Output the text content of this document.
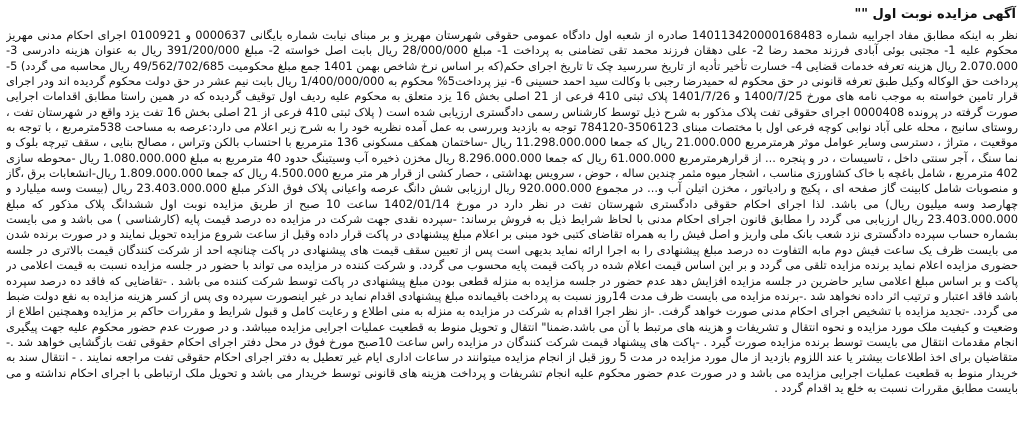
آگهی مزایده نوبت اول ""

نظر به اینکه مطابق مفاد اجراییه شماره 140113420000168483 صادره از شعبه اول دادگاه عمومی حقوقی شهرستان مهریز و بر مبنای نیابت شماره بایگانی 0000637 و 0100921 اجرای احکام مدنی مهریز محکوم علیه 1- مجتبی بوئی آبادی فرزند محمد رضا 2- علی دهقان فرزند محمد تقی تضامنی به پرداخت 1- مبلغ 28/000/000 ریال بابت اصل خواسته 2- مبلغ 391/200/000 ریال به عنوان هزینه دادرسی 3- 2.070.000 ریال هزینه تعرفه خدمات قضایی 4- خسارت تأخیر تأدیه از تاریخ سررسید چک تا تاریخ اجرای حکم(که بر اساس نرخ شاخص بهمن 1401 جمع مبلغ محکومیت 49/562/702/685 ریال محاسبه می گردد) 5- پرداخت حق الوکاله وکیل طبق تعرفه قانونی در حق محکوم له حمیدرضا رجبی با وکالت سید احمد حسینی 6- نیز پرداخت5% محکوم به 1/400/000/000 ریال بابت نیم عشر در حق دولت محکوم گردیده اند ودر اجرای قرار تامین خواسته به موجب نامه های مورخ 1400/7/25 و 1401/7/26 پلاک ثبتی 410 فرعی از 21 اصلی بخش 16 یزد متعلق به محکوم علیه ردیف اول توقیف گردیده که در همین راستا مطابق اقدامات اجرایی صورت گرفته در پرونده 0000408 اجرای حقوقی تفت پلاک مذکور به شرح ذیل توسط کارشناس رسمی دادگستری ارزیابی شده است ( پلاک ثبتی 410 فرعی از 21 اصلی بخش 16 تفت یزد واقع در شهرستان تفت ، روستای سانیج ، محله علی آباد نوابی کوچه فرعی اول با مختصات مبنای 3506123-784120 توجه به بازدید وبررسی به عمل آمده نظریه خود را به شرح زیر اعلام می دارد:عرصه به مساحت 538مترمربع ، با توجه به موقعیت ، متراژ ، دسترسی وسایر عوامل موثر هرمترمربع 21.000.000 ریال که جمعا 11.298.000.000 ریال -ساختمان همکف مسکونی 136 مترمربع با احتساب بالکن وتراس ، مصالح بنایی ، سقف تیرچه بلوک و نما سنگ ، آجر سنتی داخل ، تاسیسات ، در و پنجره ... از قرارهرمترمربع 61.000.000 ریال که جمعا 8.296.000.000 ریال مخزن ذخیره آب وسیتینگ حدود 40 مترمربع به مبلغ 1.080.000.000 ریال -محوطه سازی 402 مترمربع ، شامل باغچه با خاک کشاورزی مناسب ، اشجار میوه مثمر چندین ساله ، حوض ، سرویس بهداشتی ، حصار کشی از قرار هر متر مربع 4.500.000 ریال که جمعا 1.809.000.000 ریال-انشعابات برق ،گاز و منصوبات شامل کابینت گاز صفحه ای ، پکیج و رادیاتور ، مخزن اتیلن آب و... در مجموع 920.000.000 ریال ارزیابی شش دانگ عرصه واعیانی پلاک فوق الذکر مبلغ 23.403.000.000 ریال (بیست وسه میلیارد و چهارصد وسه میلیون ریال) می باشد. لذا اجرای احکام حقوقی دادگستری شهرستان تفت در نظر دارد در مورخ 1402/01/14 ساعت 10 صبح از طریق مزایده نوبت اول ششدانگ پلاک مذکور که مبلغ 23.403.000.000 ریال ارزیابی می گردد را مطابق قانون اجرای احکام مدنی با لحاظ شرایط ذیل به فروش برساند: -سپرده نقدی جهت شرکت در مزایده ده درصد قیمت پایه (کارشناسی ) می باشد و می بایست بشماره حساب سپرده دادگستری نزد شعب بانک ملی واریز و اصل فیش را به همراه تقاضای کتبی خود مبنی بر اعلام مبلغ پیشنهادی در پاکت قرار داده وقبل از ساعت شروع مزایده تحویل نمایند و در صورت برنده شدن می بایست ظرف یک ساعت فیش دوم مابه التفاوت ده درصد مبلغ پیشنهادی را به اجرا ارائه نماید بدیهی است پس از تعیین سقف قیمت های پیشنهادی در پاکت چنانچه احد از شرکت کنندگان قیمت بالاتری در جلسه حضوری مزایده اعلام نماید برنده مزایده تلقی می گردد و بر این اساس قیمت اعلام شده در پاکت قیمت پایه محسوب می گردد. و شرکت کننده در مزایده می تواند با حضور در جلسه مزایده نسبت به قیمت اعلامی در پاکت و بر اساس مبلغ اعلامی سایر حاضرین در جلسه مزایده افزایش دهد عدم حضور در جلسه مزایده به منزله قطعی بودن مبلغ پیشنهادی در پاکت توسط شرکت کننده می باشد . -تقاضایی که فاقد ده درصد سپرده باشد فاقد اعتبار و ترتیب اثر داده نخواهد شد .-برنده مزایده می بایست ظرف مدت 14روز نسبت به پرداخت باقیمانده مبلغ پیشنهادی اقدام نماید در غیر اینصورت سپرده وی پس از کسر هزینه مزایده به نفع دولت ضبط می گردد. -تجدید مزایده با تشخیص اجرای احکام مدنی صورت خواهد گرفت. -از نظر اجرا اقدام به شرکت در مزایده به منزله به منی اطلاع و رعایت کامل و قبول شرایط و مقررات حاکم بر مزایده وهمچنین اطلاع از وضعیت و کیفیت ملک مورد مزایده و نحوه انتقال و تشریفات و هزینه های مرتبط با آن می باشد.ضمنا" انتقال و تحویل منوط به قطعیت عملیات اجرایی مزایده میباشد. و در صورت عدم حضور محکوم علیه جهت پیگیری انجام مقدمات انتقال می بایست توسط برنده مزایده صورت گیرد . -پاکت های پیشنهاد قیمت شرکت کنندگان در مزایده راس ساعت 10صبح مورخ فوق در محل دفتر اجرای احکام حقوقی تفت بازگشایی خواهد شد .-متقاضیان برای اخذ اطلاعات بیشتر یا عند اللزوم بازدید از مال مورد مزایده در مدت 5 روز قبل از انجام مزایده میتوانند در ساعات اداری ایام غیر تعطیل به دفتر اجرای احکام حقوقی تفت مراجعه نمایند . - انتقال سند به خریدار منوط به قطعیت عملیات اجرایی مزایده می باشد و در صورت عدم حضور محکوم علیه انجام تشریفات و پرداخت هزینه های قانونی توسط خریدار می باشد و تحویل ملک ارتباطی با اجرای احکام نداشته و می بایست مطابق مقررات نسبت به خلع ید اقدام گردد .
